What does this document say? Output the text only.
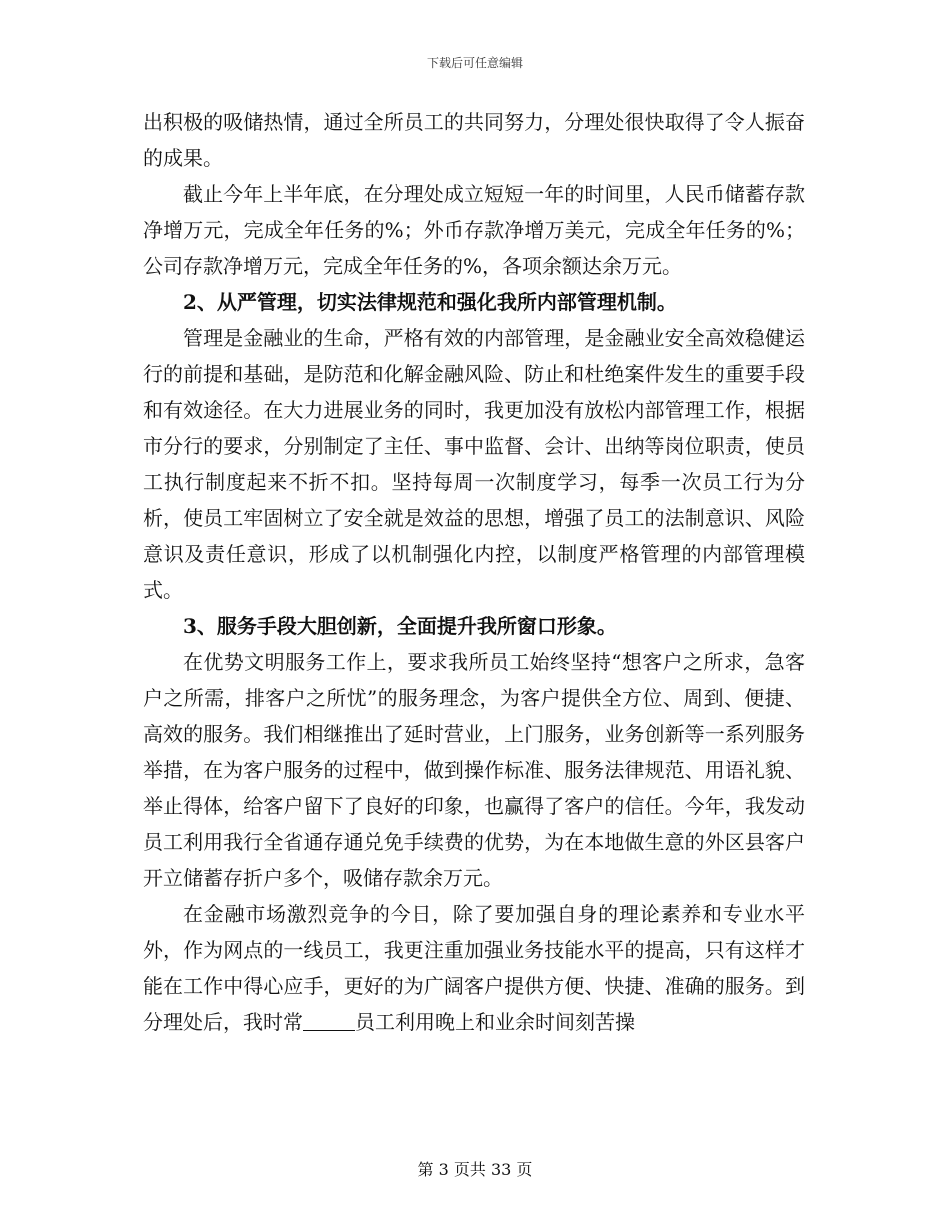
下载后可任意编辑

出积极的吸储热情，通过全所员工的共同努力，分理处很快取得了令人振奋的成果。

截止今年上半年底，在分理处成立短短一年的时间里，人民币储蓄存款净增万元，完成全年任务的%；外币存款净增万美元，完成全年任务的%；公司存款净增万元，完成全年任务的%，各项余额达余万元。

2、从严管理，切实法律规范和强化我所内部管理机制。

管理是金融业的生命，严格有效的内部管理，是金融业安全高效稳健运行的前提和基础，是防范和化解金融风险、防止和杜绝案件发生的重要手段和有效途径。在大力进展业务的同时，我更加没有放松内部管理工作，根据市分行的要求，分别制定了主任、事中监督、会计、出纳等岗位职责，使员工执行制度起来不折不扣。坚持每周一次制度学习，每季一次员工行为分析，使员工牢固树立了安全就是效益的思想，增强了员工的法制意识、风险意识及责任意识，形成了以机制强化内控，以制度严格管理的内部管理模式。

3、服务手段大胆创新，全面提升我所窗口形象。

在优势文明服务工作上，要求我所员工始终坚持“想客户之所求，急客户之所需，排客户之所忧”的服务理念，为客户提供全方位、周到、便捷、高效的服务。我们相继推出了延时营业，上门服务，业务创新等一系列服务举措，在为客户服务的过程中，做到操作标准、服务法律规范、用语礼貌、举止得体，给客户留下了良好的印象，也赢得了客户的信任。今年，我发动员工利用我行全省通存通兑免手续费的优势，为在本地做生意的外区县客户开立储蓄存折户多个，吸储存款余万元。

在金融市场激烈竞争的今日，除了要加强自身的理论素养和专业水平外，作为网点的一线员工，我更注重加强业务技能水平的提高，只有这样才能在工作中得心应手，更好的为广阔客户提供方便、快捷、准确的服务。到分理处后，我时常	员工利用晚上和业余时间刻苦操

第 3 页共 33 页
